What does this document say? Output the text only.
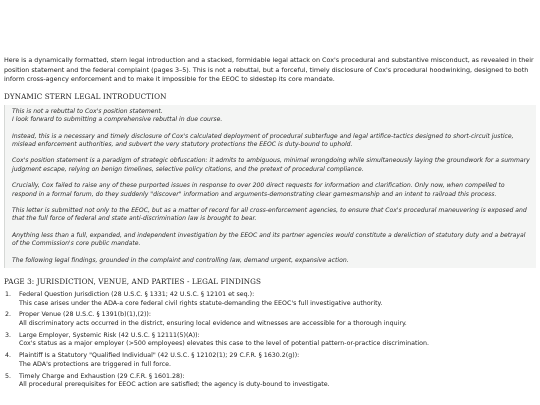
Here is a dynamically formatted, stern legal introduction and a stacked, formidable legal attack on Cox's procedural and substantive misconduct, as revealed in their position statement and the federal complaint (pages 3–5). This is not a rebuttal, but a forceful, timely disclosure of Cox's procedural hoodwinking, designed to both inform cross-agency enforcement and to make it impossible for the EEOC to sidestep its core mandate.

DYNAMIC STERN LEGAL INTRODUCTION

This is not a rebuttal to Cox's position statement.

I look forward to submitting a comprehensive rebuttal in due course.

Instead, this is a necessary and timely disclosure of Cox's calculated deployment of procedural subterfuge and legal artifice-tactics designed to short-circuit justice, mislead enforcement authorities, and subvert the very statutory protections the EEOC is duty-bound to uphold.

Cox's position statement is a paradigm of strategic obfuscation: it admits to ambiguous, minimal wrongdoing while simultaneously laying the groundwork for a summary judgment escape, relying on benign timelines, selective policy citations, and the pretext of procedural compliance.

Crucially, Cox failed to raise any of these purported issues in response to over 200 direct requests for information and clarification. Only now, when compelled to respond in a formal forum, do they suddenly "discover" information and arguments-demonstrating clear gamesmanship and an intent to railroad this process.

This letter is submitted not only to the EEOC, but as a matter of record for all cross-enforcement agencies, to ensure that Cox's procedural maneuvering is exposed and that the full force of federal and state anti-discrimination law is brought to bear.

Anything less than a full, expanded, and independent investigation by the EEOC and its partner agencies would constitute a dereliction of statutory duty and a betrayal of the Commission's core public mandate.

The following legal findings, grounded in the complaint and controlling law, demand urgent, expansive action.

PAGE 3: JURISDICTION, VENUE, AND PARTIES - LEGAL FINDINGS
1.	Federal Question Jurisdiction (28 U.S.C. § 1331; 42 U.S.C. § 12101 et seq.):
This case arises under the ADA-a core federal civil rights statute-demanding the EEOC's full investigative authority.
2.	Proper Venue (28 U.S.C. § 1391(b)(1),(2)):
All discriminatory acts occurred in the district, ensuring local evidence and witnesses are accessible for a thorough inquiry.
3.	Large Employer, Systemic Risk (42 U.S.C. § 12111(5)(A)):
Cox's status as a major employer (>500 employees) elevates this case to the level of potential pattern-or-practice discrimination.
4.	Plaintiff Is a Statutory "Qualified Individual" (42 U.S.C. § 12102(1); 29 C.F.R. § 1630.2(g)):
The ADA's protections are triggered in full force.
5.	Timely Charge and Exhaustion (29 C.F.R. § 1601.28):
All procedural prerequisites for EEOC action are satisfied; the agency is duty-bound to investigate.
